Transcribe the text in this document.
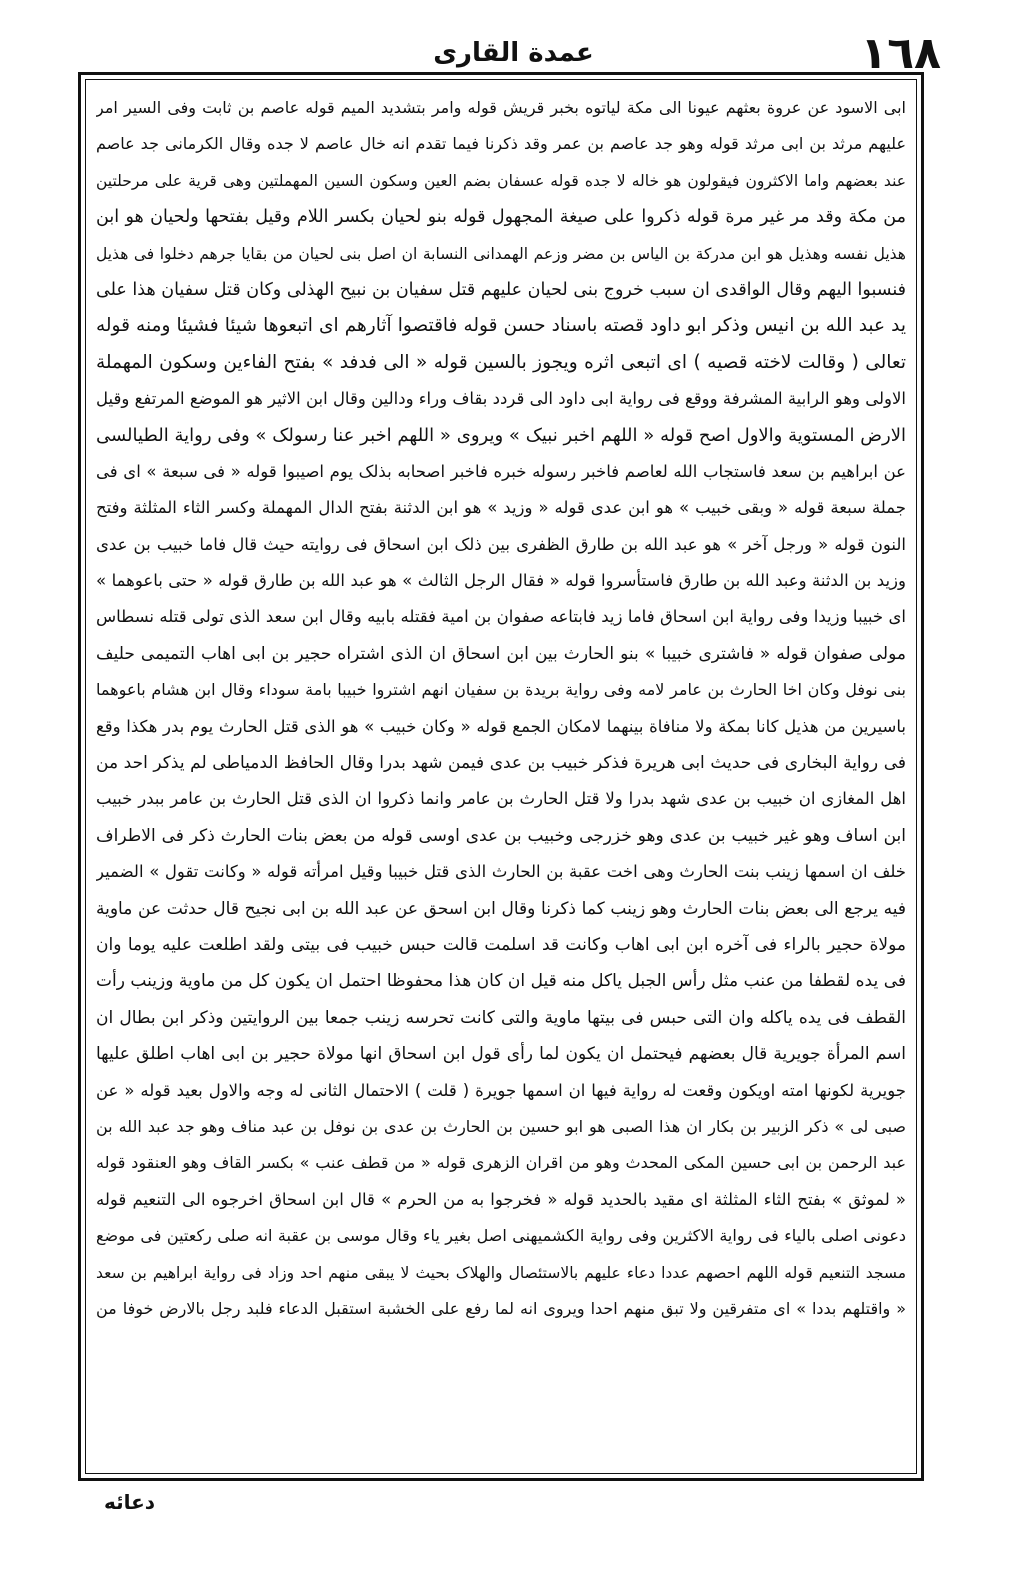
عمدة القاری	١٦٨
ابی الاسود عن عروة بعثهم عیونا الی مکة لیاتوه بخبر قریش قوله وامر بتشدید المیم قوله عاصم بن ثابت وفی السیر امر
علیهم مرثد بن ابی مرثد قوله وهو جد عاصم بن عمر وقد ذکرنا فیما تقدم انه خال عاصم لا جده وقال الکرمانی جد عاصم
عند بعضهم واما الاکثرون فیقولون هو خاله لا جده قوله عسفان بضم العین وسکون السین المهملتین وهی قریة علی مرحلتین
من مکة وقد مر غیر مرة قوله ذکروا علی صیغة المجهول قوله بنو لحیان بکسر اللام وقیل بفتحها ولحیان هو ابن
هذیل نفسه وهذیل هو ابن مدرکة بن الیاس بن مضر وزعم الهمدانی النسابة ان اصل بنی لحیان من بقایا جرهم دخلوا فی هذیل
فنسبوا الیهم وقال الواقدی ان سبب خروج بنی لحیان علیهم قتل سفیان بن نبیح الهذلی وکان قتل سفیان هذا علی
ید عبد الله بن انیس وذکر ابو داود قصته باسناد حسن قوله فاقتصوا آثارهم ای اتبعوها شیئا فشیئا ومنه قوله
تعالی ( وقالت لاخته قصیه ) ای اتبعی اثره ویجوز بالسین قوله « الی فدفد » بفتح الفاءین وسکون المهملة
الاولی وهو الرابیة المشرفة ووقع فی روایة ابی داود الی قردد بقاف وراء ودالین وقال ابن الاثیر هو الموضع المرتفع وقیل
الارض المستویة والاول اصح قوله « اللهم اخبر نبیک » ویروی « اللهم اخبر عنا رسولک » وفی روایة الطیالسی
عن ابراهیم بن سعد فاستجاب الله لعاصم فاخبر رسوله خبره فاخبر اصحابه بذلک یوم اصیبوا قوله « فی سبعة » ای فی
جملة سبعة قوله « وبقی خبیب » هو ابن عدی قوله « وزید » هو ابن الدثنة بفتح الدال المهملة وکسر الثاء المثلثة وفتح
النون قوله « ورجل آخر » هو عبد الله بن طارق الظفری بین ذلک ابن اسحاق فی روایته حیث قال فاما خبیب بن عدی
وزید بن الدثنة وعبد الله بن طارق فاستأسروا قوله « فقال الرجل الثالث » هو عبد الله بن طارق قوله « حتی باعوهما »
ای خبیبا وزیدا وفی روایة ابن اسحاق فاما زید فابتاعه صفوان بن امیة فقتله بابیه وقال ابن سعد الذی تولی قتله نسطاس
مولی صفوان قوله « فاشتری خبیبا » بنو الحارث بین ابن اسحاق ان الذی اشتراه حجیر بن ابی اهاب التمیمی حلیف
بنی نوفل وکان اخا الحارث بن عامر لامه وفی روایة بریدة بن سفیان انهم اشتروا خبیبا بامة سوداء وقال ابن هشام باعوهما
باسیرین من هذیل کانا بمکة ولا منافاة بینهما لامکان الجمع قوله « وکان خبیب » هو الذی قتل الحارث یوم بدر هکذا وقع
فی روایة البخاری فی حدیث ابی هریرة فذکر خبیب بن عدی فیمن شهد بدرا وقال الحافظ الدمیاطی لم یذکر احد من
اهل المغازی ان خبیب بن عدی شهد بدرا ولا قتل الحارث بن عامر وانما ذکروا ان الذی قتل الحارث بن عامر ببدر خبیب
ابن اساف وهو غیر خبیب بن عدی وهو خزرجی وخبیب بن عدی اوسی قوله من بعض بنات الحارث ذکر فی الاطراف
خلف ان اسمها زینب بنت الحارث وهی اخت عقبة بن الحارث الذی قتل خبیبا وقیل امرأته قوله « وکانت تقول » الضمیر
فیه یرجع الی بعض بنات الحارث وهو زینب کما ذکرنا وقال ابن اسحق عن عبد الله بن ابی نجیح قال حدثت عن ماویة
مولاة حجیر بالراء فی آخره ابن ابی اهاب وکانت قد اسلمت قالت حبس خبیب فی بیتی ولقد اطلعت علیه یوما وان
فی یده لقطفا من عنب مثل رأس الجبل یاکل منه قیل ان کان هذا محفوظا احتمل ان یکون کل من ماویة وزینب رأت
القطف فی یده یاکله وان التی حبس فی بیتها ماویة والتی کانت تحرسه زینب جمعا بین الروایتین وذکر ابن بطال ان
اسم المرأة جویریة قال بعضهم فیحتمل ان یکون لما رأی قول ابن اسحاق انها مولاة حجیر بن ابی اهاب اطلق علیها
جویریة لکونها امته اویکون وقعت له روایة فیها ان اسمها جویرة ( قلت ) الاحتمال الثانی له وجه والاول بعید قوله « عن
صبی لی » ذکر الزبیر بن بکار ان هذا الصبی هو ابو حسین بن الحارث بن عدی بن نوفل بن عبد مناف وهو جد عبد الله بن
عبد الرحمن بن ابی حسین المکی المحدث وهو من اقران الزهری قوله « من قطف عنب » بکسر القاف وهو العنقود قوله
« لموثق » بفتح الثاء المثلثة ای مقید بالحدید قوله « فخرجوا به من الحرم » قال ابن اسحاق اخرجوه الی التنعیم قوله
دعونی اصلی بالیاء فی روایة الاکثرین وفی روایة الکشمیهنی اصل بغیر یاء وقال موسی بن عقبة انه صلی رکعتین فی موضع
مسجد التنعیم قوله اللهم احصهم عددا دعاء علیهم بالاستئصال والهلاک بحیث لا یبقی منهم احد وزاد فی روایة ابراهیم بن سعد
« واقتلهم بددا » ای متفرقین ولا تبق منهم احدا ویروی انه لما رفع علی الخشبة استقبل الدعاء فلبد رجل بالارض خوفا من
دعائه
